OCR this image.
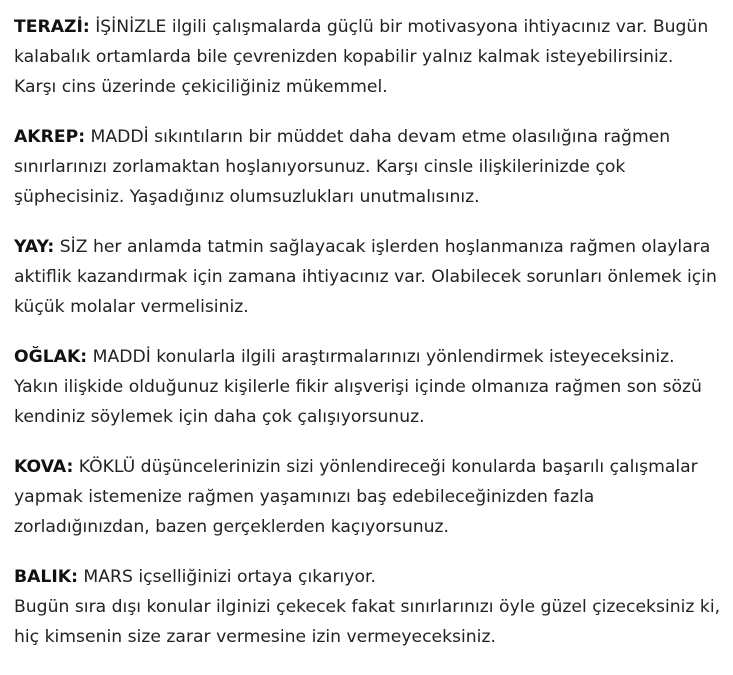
TERAZİ: İŞİNİZLE ilgili çalışmalarda güçlü bir motivasyona ihtiyacınız var. Bugün
kalabalık ortamlarda bile çevrenizden kopabilir yalnız kalmak isteyebilirsiniz.
Karşı cins üzerinde çekiciliğiniz mükemmel.

AKREP: MADDİ sıkıntıların bir müddet daha devam etme olasılığına rağmen
sınırlarınızı zorlamaktan hoşlanıyorsunuz. Karşı cinsle ilişkilerinizde çok
şüphecisiniz. Yaşadığınız olumsuzlukları unutmalısınız.

YAY: SİZ her anlamda tatmin sağlayacak işlerden hoşlanmanıza rağmen olaylara
aktiflik kazandırmak için zamana ihtiyacınız var. Olabilecek sorunları önlemek için
küçük molalar vermelisiniz.

OĞLAK: MADDİ konularla ilgili araştırmalarınızı yönlendirmek isteyeceksiniz.
Yakın ilişkide olduğunuz kişilerle fikir alışverişi içinde olmanıza rağmen son sözü
kendiniz söylemek için daha çok çalışıyorsunuz.

KOVA: KÖKLÜ düşüncelerinizin sizi yönlendireceği konularda başarılı çalışmalar
yapmak istemenize rağmen yaşamınızı baş edebileceğinizden fazla
zorladığınızdan, bazen gerçeklerden kaçıyorsunuz.

BALIK: MARS içselliğinizi ortaya çıkarıyor.
Bugün sıra dışı konular ilginizi çekecek fakat sınırlarınızı öyle güzel çizeceksiniz ki,
hiç kimsenin size zarar vermesine izin vermeyeceksiniz.
